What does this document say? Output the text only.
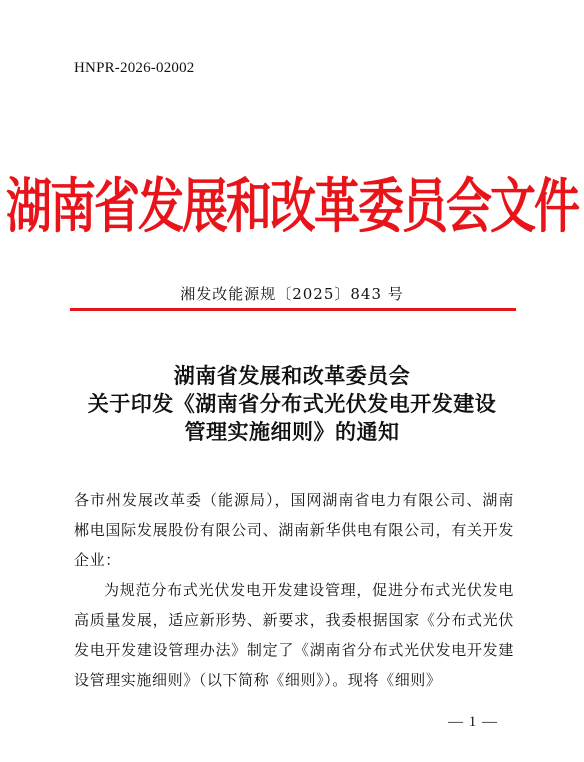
HNPR-2026-02002
湖南省发展和改革委员会文件
湘发改能源规〔2025〕843 号
湖南省发展和改革委员会
关于印发《湖南省分布式光伏发电开发建设
管理实施细则》的通知

各市州发展改革委（能源局），国网湖南省电力有限公司、湖南郴电国际发展股份有限公司、湖南新华供电有限公司，有关开发企业：

为规范分布式光伏发电开发建设管理，促进分布式光伏发电高质量发展，适应新形势、新要求，我委根据国家《分布式光伏发电开发建设管理办法》制定了《湖南省分布式光伏发电开发建设管理实施细则》（以下简称《细则》）。现将《细则》

— 1 —
